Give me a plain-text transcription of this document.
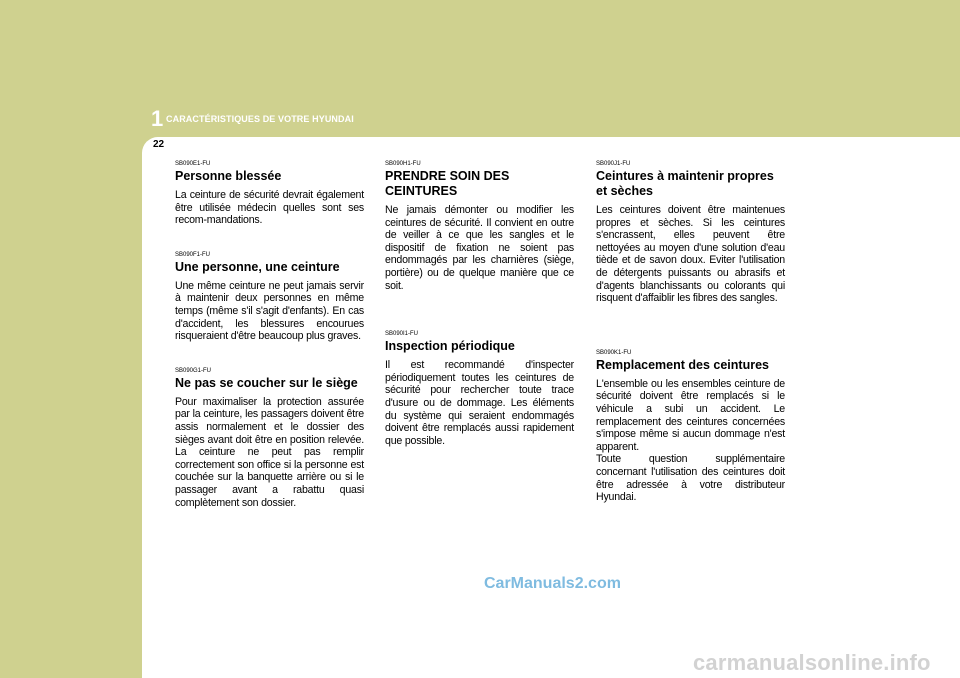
1 CARACTÉRISTIQUES DE VOTRE HYUNDAI
22

SB090E1-FU

Personne blessée

La ceinture de sécurité devrait également être utilisée médecin quelles sont ses recom-mandations.

SB090F1-FU

Une personne, une ceinture

Une même ceinture ne peut jamais servir à maintenir deux personnes en même temps (même s'il s'agit d'enfants). En cas d'accident, les blessures encourues risqueraient d'être beaucoup plus graves.

SB090G1-FU

Ne pas se coucher sur le siège

Pour maximaliser la protection assurée par la ceinture, les passagers doivent être assis normalement et le dossier des sièges avant doit être en position relevée. La ceinture ne peut pas remplir correctement son office si la personne est couchée sur la banquette arrière ou si le passager avant a rabattu quasi complètement son dossier.

SB090H1-FU

PRENDRE SOIN DES CEINTURES

Ne jamais démonter ou modifier les ceintures de sécurité. Il convient en outre de veiller à ce que les sangles et le dispositif de fixation ne soient pas endommagés par les charnières (siège, portière) ou de quelque manière que ce soit.

SB090I1-FU

Inspection périodique

Il est recommandé d'inspecter périodiquement toutes les ceintures de sécurité pour rechercher toute trace d'usure ou de dommage. Les éléments du système qui seraient endommagés doivent être remplacés aussi rapidement que possible.

SB090J1-FU

Ceintures à maintenir propres et sèches

Les ceintures doivent être maintenues propres et sèches. Si les ceintures s'encrassent, elles peuvent être nettoyées au moyen d'une solution d'eau tiède et de savon doux. Eviter l'utilisation de détergents puissants ou abrasifs et d'agents blanchissants ou colorants qui risquent d'affaiblir les fibres des sangles.

SB090K1-FU

Remplacement des ceintures

L'ensemble ou les ensembles ceinture de sécurité doivent être remplacés si le véhicule a subi un accident. Le remplacement des ceintures concernées s'impose même si aucun dommage n'est apparent.

Toute question supplémentaire concernant l'utilisation des ceintures doit être adressée à votre distributeur Hyundai.

CarManuals2.com
carmanualsonline.info
